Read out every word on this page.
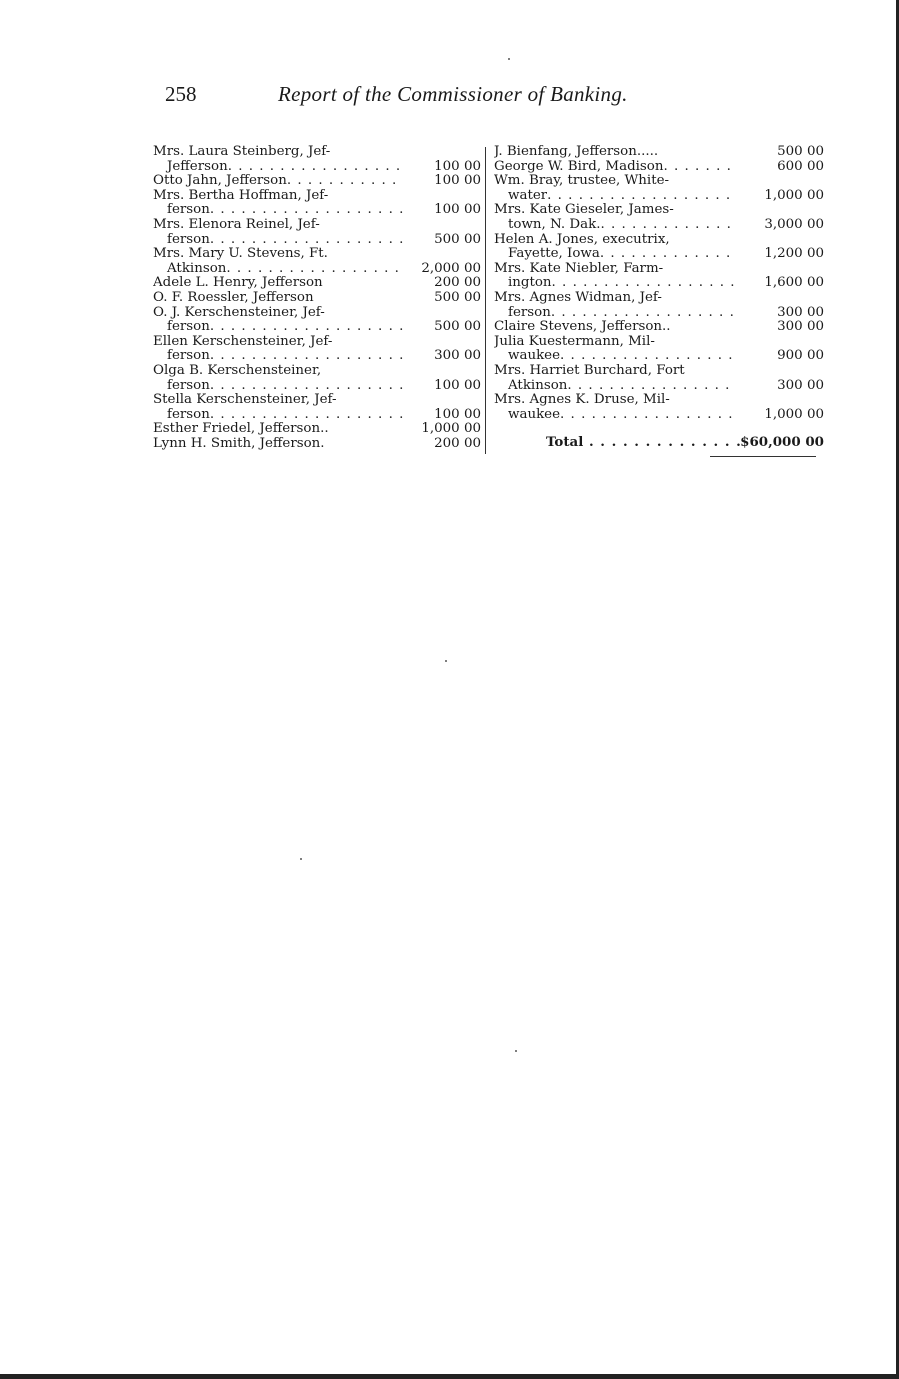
258	Report of the Commissioner of Banking.
Mrs. Laura Steinberg, Jef-
Jefferson . . .	100 00
Otto Jahn, Jefferson . . .	100 00
Mrs. Bertha Hoffman, Jef-
ferson . . .	100 00
Mrs. Elenora Reinel, Jef-
ferson . . .	500 00
Mrs. Mary U. Stevens, Ft.
Atkinson . . .	2,000 00
Adele L. Henry, Jefferson	200 00
O. F. Roessler, Jefferson	500 00
O. J. Kerschensteiner, Jef-
ferson . . .	500 00
Ellen Kerschensteiner, Jef-
ferson . . .	300 00
Olga B. Kerschensteiner,
ferson . . .	100 00
Stella Kerschensteiner, Jef-
ferson . . .	100 00
Esther Friedel, Jefferson..	1,000 00
Lynn H. Smith, Jefferson.	200 00
J. Bienfang, Jefferson.....	500 00
George W. Bird, Madison . . .	600 00
Wm. Bray, trustee, White-
water . . .	1,000 00
Mrs. Kate Gieseler, James-
town, N. Dak. . . .	3,000 00
Helen A. Jones, executrix,
Fayette, Iowa . . .	1,200 00
Mrs. Kate Niebler, Farm-
ington . . .	1,600 00
Mrs. Agnes Widman, Jef-
ferson . . .	300 00
Claire Stevens, Jefferson..	300 00
Julia Kuestermann, Mil-
waukee . . .	900 00
Mrs. Harriet Burchard, Fort
Atkinson . . .	300 00
Mrs. Agnes K. Druse, Mil-
waukee . . .	1,000 00
Total . . .	$60,000 00
